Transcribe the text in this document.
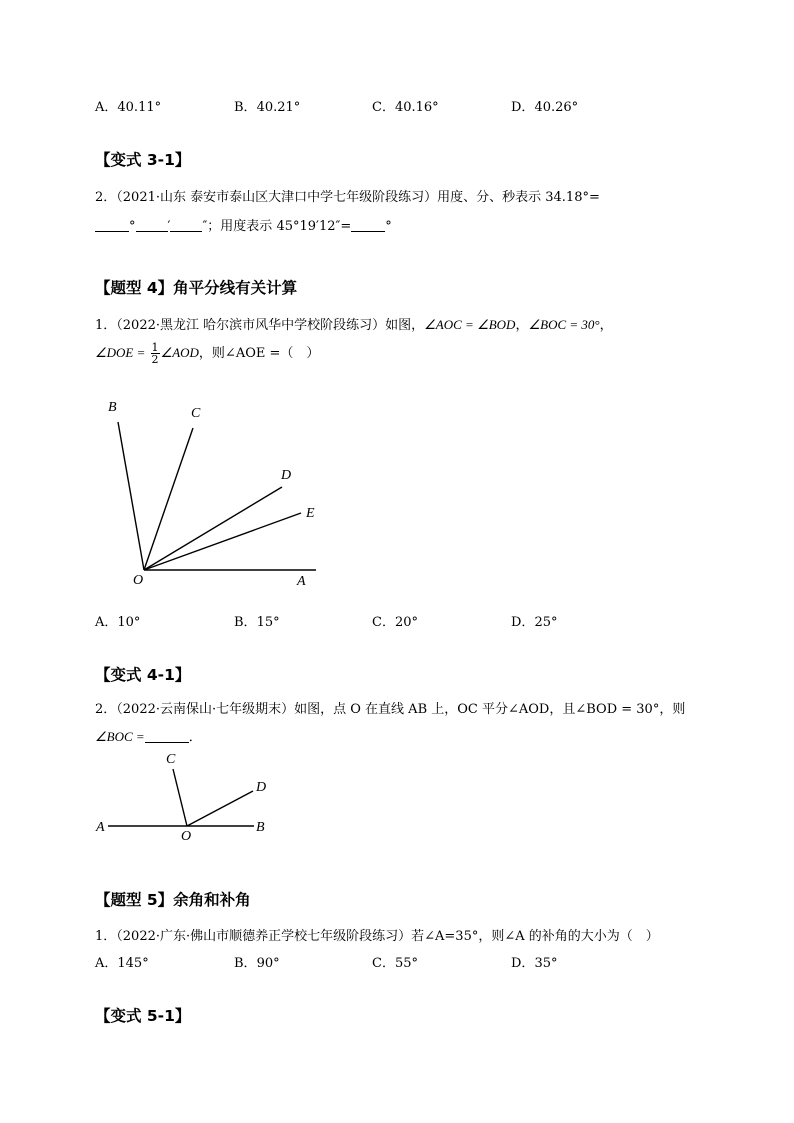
A．40.11°	B．40.21°	C．40.16°	D．40.26°
【变式 3-1】
2．（2021·山东 泰安市泰山区大津口中学七年级阶段练习）用度、分、秒表示 34.18°=
° ′ ″；用度表示 45°19′12″=	°
【题型 4】角平分线有关计算
1．（2022·黑龙江 哈尔滨市风华中学校阶段练习）如图，∠AOC = ∠BOD，∠BOC = 30°，
∠DOE = $\frac{1}{2}$ ∠AOD，则∠AOE =（　）
B	C
D
E
O	A
A．10°	B．15°	C．20°	D．25°
【变式 4-1】
2．（2022·云南保山·七年级期末）如图，点 O 在直线 AB 上，OC 平分∠AOD，且∠BOD = 30°，则
∠BOC =	．
C
D
A
O
B
【题型 5】余角和补角
1．（2022·广东·佛山市顺德养正学校七年级阶段练习）若∠A=35°，则∠A 的补角的大小为（　）
A．145°	B．90°	C．55°	D．35°
【变式 5-1】
